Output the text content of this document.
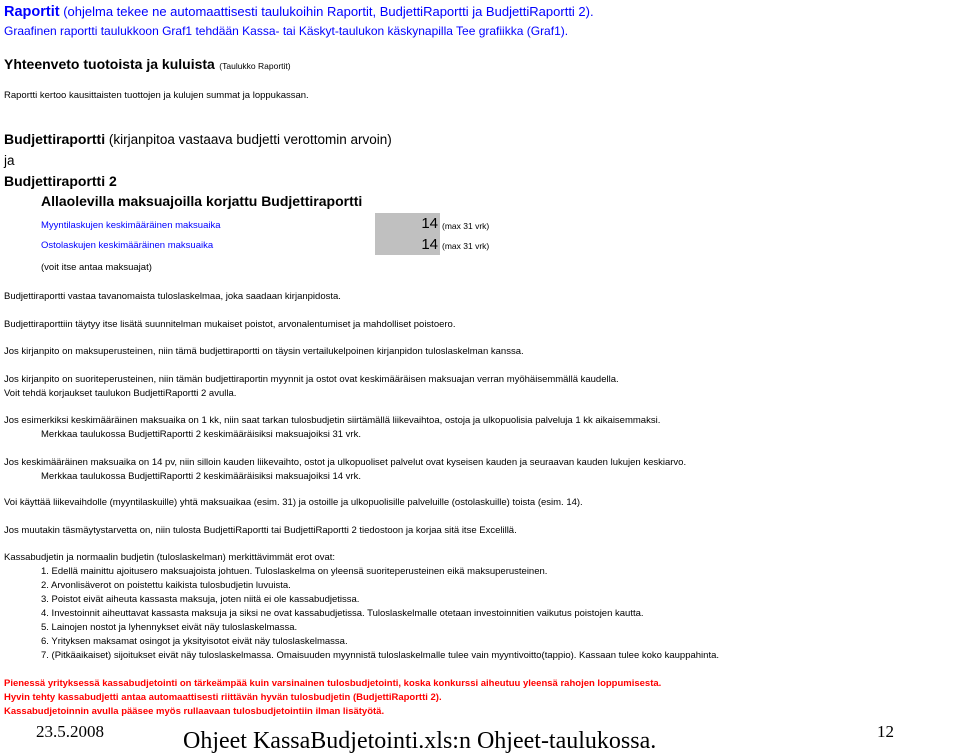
Raportit (ohjelma tekee ne automaattisesti taulukoihin Raportit, BudjettiRaportti ja BudjettiRaportti 2).
Graafinen raportti taulukkoon Graf1 tehdään Kassa- tai Käskyt-taulukon käskynapilla Tee grafiikka (Graf1).
Yhteenveto tuotoista ja kuluista (Taulukko Raportit)
Raportti kertoo kausittaisten tuottojen ja kulujen summat ja loppukassan.
Budjettiraportti (kirjanpitoa vastaava budjetti verottomin arvoin)
ja
Budjettiraportti 2
Allaolevilla maksuajoilla korjattu Budjettiraportti
Myyntilaskujen keskimääräinen maksuaika	14 (max 31 vrk)
Ostolaskujen keskimääräinen maksuaika	14 (max 31 vrk)
(voit itse antaa maksuajat)
Budjettiraportti vastaa tavanomaista tuloslaskelmaa, joka saadaan kirjanpidosta.
Budjettiraporttiin täytyy itse lisätä suunnitelman mukaiset poistot, arvonalentumiset ja mahdolliset poistoero.
Jos kirjanpito on maksuperusteinen, niin tämä budjettiraportti on täysin vertailukelpoinen kirjanpidon tuloslaskelman kanssa.
Jos kirjanpito on suoriteperusteinen, niin tämän budjettiraportin myynnit ja ostot ovat keskimääräisen maksuajan verran myöhäisemmällä kaudella.
Voit tehdä korjaukset taulukon BudjettiRaportti 2 avulla.
Jos esimerkiksi keskimääräinen maksuaika on 1 kk, niin saat tarkan tulosbudjetin siirtämällä liikevaihtoa, ostoja ja ulkopuolisia palveluja 1 kk aikaisemmaksi.
Merkkaa taulukossa BudjettiRaportti 2 keskimääräisiksi maksuajoiksi 31 vrk.
Jos keskimääräinen maksuaika on 14 pv, niin silloin kauden liikevaihto, ostot ja ulkopuoliset palvelut ovat kyseisen kauden ja seuraavan kauden lukujen keskiarvo.
Merkkaa taulukossa BudjettiRaportti 2 keskimääräisiksi maksuajoiksi 14 vrk.
Voi käyttää liikevaihdolle (myyntilaskuille) yhtä maksuaikaa (esim. 31) ja ostoille ja ulkopuolisille palveluille (ostolaskuille) toista (esim. 14).
Jos muutakin täsmäytystarvetta on, niin tulosta BudjettiRaportti tai BudjettiRaportti 2 tiedostoon ja korjaa sitä itse Excelillä.
Kassabudjetin ja normaalin budjetin (tuloslaskelman) merkittävimmät erot ovat:
1. Edellä mainittu ajoitusero maksuajoista johtuen. Tuloslaskelma on yleensä suoriteperusteinen eikä maksuperusteinen.
2. Arvonlisäverot on poistettu kaikista tulosbudjetin luvuista.
3. Poistot eivät aiheuta kassasta maksuja, joten niitä ei ole kassabudjetissa.
4. Investoinnit aiheuttavat kassasta maksuja ja siksi ne ovat kassabudjetissa. Tuloslaskelmalle otetaan investoinnitien vaikutus poistojen kautta.
5. Lainojen nostot ja lyhennykset eivät näy tuloslaskelmassa.
6. Yrityksen maksamat osingot ja yksityisotot eivät näy tuloslaskelmassa.
7. (Pitkäaikaiset) sijoitukset eivät näy tuloslaskelmassa. Omaisuuden myynnistä tuloslaskelmalle tulee vain myyntivoitto(tappio). Kassaan tulee koko kauppahinta.
Pienessä yrityksessä kassabudjetointi on tärkeämpää kuin varsinainen tulosbudjetointi, koska konkurssi aiheutuu yleensä rahojen loppumisesta.
Hyvin tehty kassabudjetti antaa automaattisesti riittävän hyvän tulosbudjetin (BudjettiRaportti 2).
Kassabudjetoinnin avulla pääsee myös rullaavaan tulosbudjetointiin ilman lisätyötä.
23.5.2008	Ohjeet KassaBudjetointi.xls:n Ohjeet-taulukossa.	12
